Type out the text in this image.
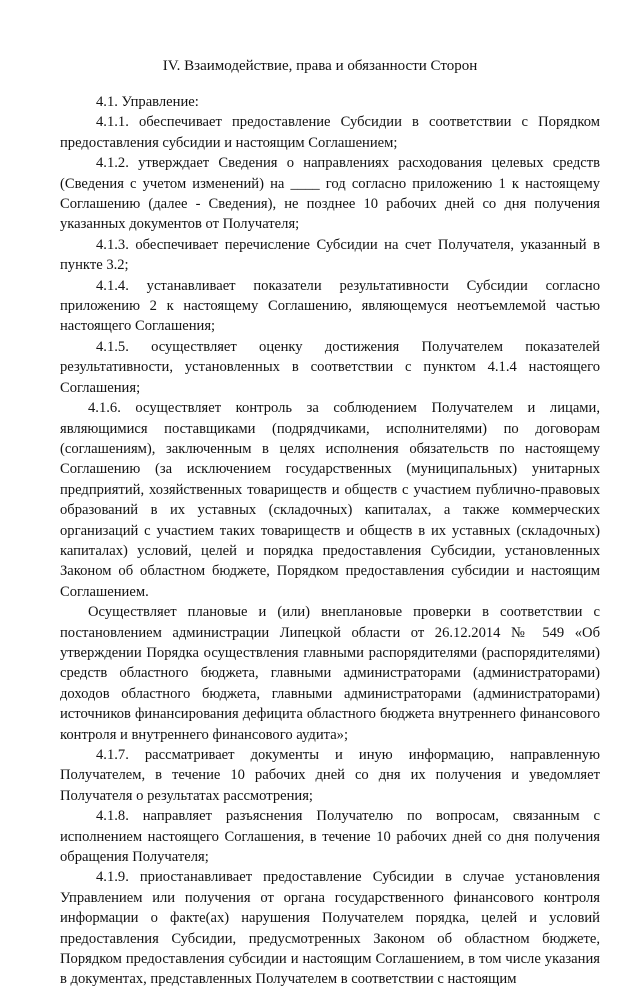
IV. Взаимодействие, права и обязанности Сторон

4.1. Управление:

4.1.1. обеспечивает предоставление Субсидии в соответствии с Порядком предоставления субсидии и настоящим Соглашением;

4.1.2. утверждает Сведения о направлениях расходования целевых средств (Сведения с учетом изменений) на ____ год согласно приложению 1 к настоящему Соглашению (далее - Сведения), не позднее 10 рабочих дней со дня получения указанных документов от Получателя;

4.1.3. обеспечивает перечисление Субсидии на счет Получателя, указанный в пункте 3.2;

4.1.4. устанавливает показатели результативности Субсидии согласно приложению 2 к настоящему Соглашению, являющемуся неотъемлемой частью настоящего Соглашения;

4.1.5. осуществляет оценку достижения Получателем показателей результативности, установленных в соответствии с пунктом 4.1.4 настоящего Соглашения;

4.1.6. осуществляет контроль за соблюдением Получателем и лицами, являющимися поставщиками (подрядчиками, исполнителями) по договорам (соглашениям), заключенным в целях исполнения обязательств по настоящему Соглашению (за исключением государственных (муниципальных) унитарных предприятий, хозяйственных товариществ и обществ с участием публично-правовых образований в их уставных (складочных) капиталах, а также коммерческих организаций с участием таких товариществ и обществ в их уставных (складочных) капиталах) условий, целей и порядка предоставления Субсидии, установленных Законом об областном бюджете, Порядком предоставления субсидии и настоящим Соглашением.

Осуществляет плановые и (или) внеплановые проверки в соответствии с постановлением администрации Липецкой области от 26.12.2014 № 549 «Об утверждении Порядка осуществления главными распорядителями (распорядителями) средств областного бюджета, главными администраторами (администраторами) доходов областного бюджета, главными администраторами (администраторами) источников финансирования дефицита областного бюджета внутреннего финансового контроля и внутреннего финансового аудита»;

4.1.7. рассматривает документы и иную информацию, направленную Получателем, в течение 10 рабочих дней со дня их получения и уведомляет Получателя о результатах рассмотрения;

4.1.8. направляет разъяснения Получателю по вопросам, связанным с исполнением настоящего Соглашения, в течение 10 рабочих дней со дня получения обращения Получателя;

4.1.9. приостанавливает предоставление Субсидии в случае установления Управлением или получения от органа государственного финансового контроля информации о факте(ах) нарушения Получателем порядка, целей и условий предоставления Субсидии, предусмотренных Законом об областном бюджете, Порядком предоставления субсидии и настоящим Соглашением, в том числе указания в документах, представленных Получателем в соответствии с настоящим
